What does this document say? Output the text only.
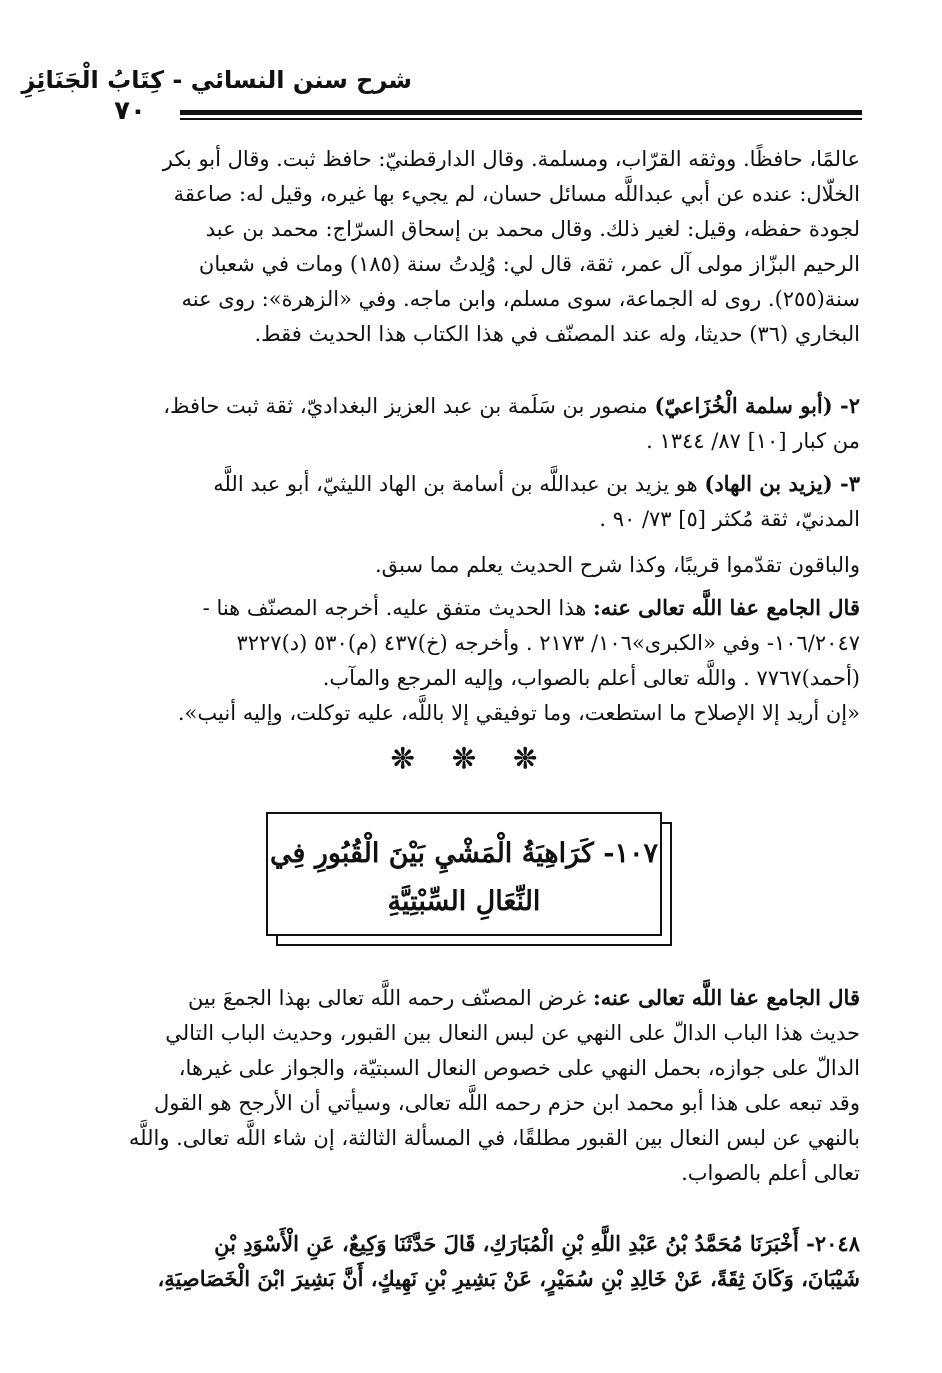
شرح سنن النسائي - كِتَابُ الْجَنَائِزِ
٧٠

عالمًا، حافظًا. ووثقه القرّاب، ومسلمة. وقال الدارقطنيّ: حافظ ثبت. وقال أبو بكر

الخلّال: عنده عن أبي عبداللَّه مسائل حسان، لم يجيء بها غيره، وقيل له: صاعقة

لجودة حفظه، وقيل: لغير ذلك. وقال محمد بن إسحاق السرّاج: محمد بن عبد

الرحيم البزّاز مولى آل عمر، ثقة، قال لي: وُلِدتُ سنة (١٨٥) ومات في شعبان

سنة(٢٥٥). روى له الجماعة، سوى مسلم، وابن ماجه. وفي «الزهرة»: روى عنه

البخاري (٣٦) حديثا، وله عند المصنّف في هذا الكتاب هذا الحديث فقط.

٢- (أبو سلمة الْخُزَاعيّ) منصور بن سَلَمة بن عبد العزيز البغداديّ، ثقة ثبت حافظ،

من كبار [١٠] ٨٧/ ١٣٤٤ .

٣- (يزيد بن الهاد) هو يزيد بن عبداللَّه بن أسامة بن الهاد الليثيّ، أبو عبد اللَّه

المدنيّ، ثقة مُكثر [٥] ٧٣/ ٩٠ .

والباقون تقدّموا قريبًا، وكذا شرح الحديث يعلم مما سبق.

قال الجامع عفا اللَّه تعالى عنه: هذا الحديث متفق عليه. أخرجه المصنّف هنا -

١٠٦/٢٠٤٧- وفي «الكبرى»١٠٦/ ٢١٧٣ . وأخرجه (خ)٤٣٧ (م)٥٣٠ (د)٣٢٢٧

(أحمد)٧٧٦٧ . واللَّه تعالى أعلم بالصواب، وإليه المرجع والمآب.

«إن أريد إلا الإصلاح ما استطعت، وما توفيقي إلا باللَّه، عليه توكلت، وإليه أنيب».

❊ ❊ ❊
١٠٧- كَرَاهِيَةُ الْمَشْيِ بَيْنَ الْقُبُورِ فِي
النِّعَالِ السِّبْتِيَّةِ

قال الجامع عفا اللَّه تعالى عنه: غرض المصنّف رحمه اللَّه تعالى بهذا الجمعَ بين

حديث هذا الباب الدالّ على النهي عن لبس النعال بين القبور، وحديث الباب التالي

الدالّ على جوازه، بحمل النهي على خصوص النعال السبتيّة، والجواز على غيرها،

وقد تبعه على هذا أبو محمد ابن حزم رحمه اللَّه تعالى، وسيأتي أن الأرجح هو القول

بالنهي عن لبس النعال بين القبور مطلقًا، في المسألة الثالثة، إن شاء اللَّه تعالى. واللَّه

تعالى أعلم بالصواب.

٢٠٤٨- أَخْبَرَنَا مُحَمَّدُ بْنُ عَبْدِ اللَّهِ بْنِ الْمُبَارَكِ، قَالَ حَدَّثَنَا وَكِيعٌ، عَنِ الْأَسْوَدِ بْنِ

شَيْبَانَ، وَكَانَ ثِقَةً، عَنْ خَالِدِ بْنِ سُمَيْرٍ، عَنْ بَشِيرِ بْنِ نَهِيكٍ، أَنَّ بَشِيرَ ابْنَ الْخَصَاصِيَةِ،
